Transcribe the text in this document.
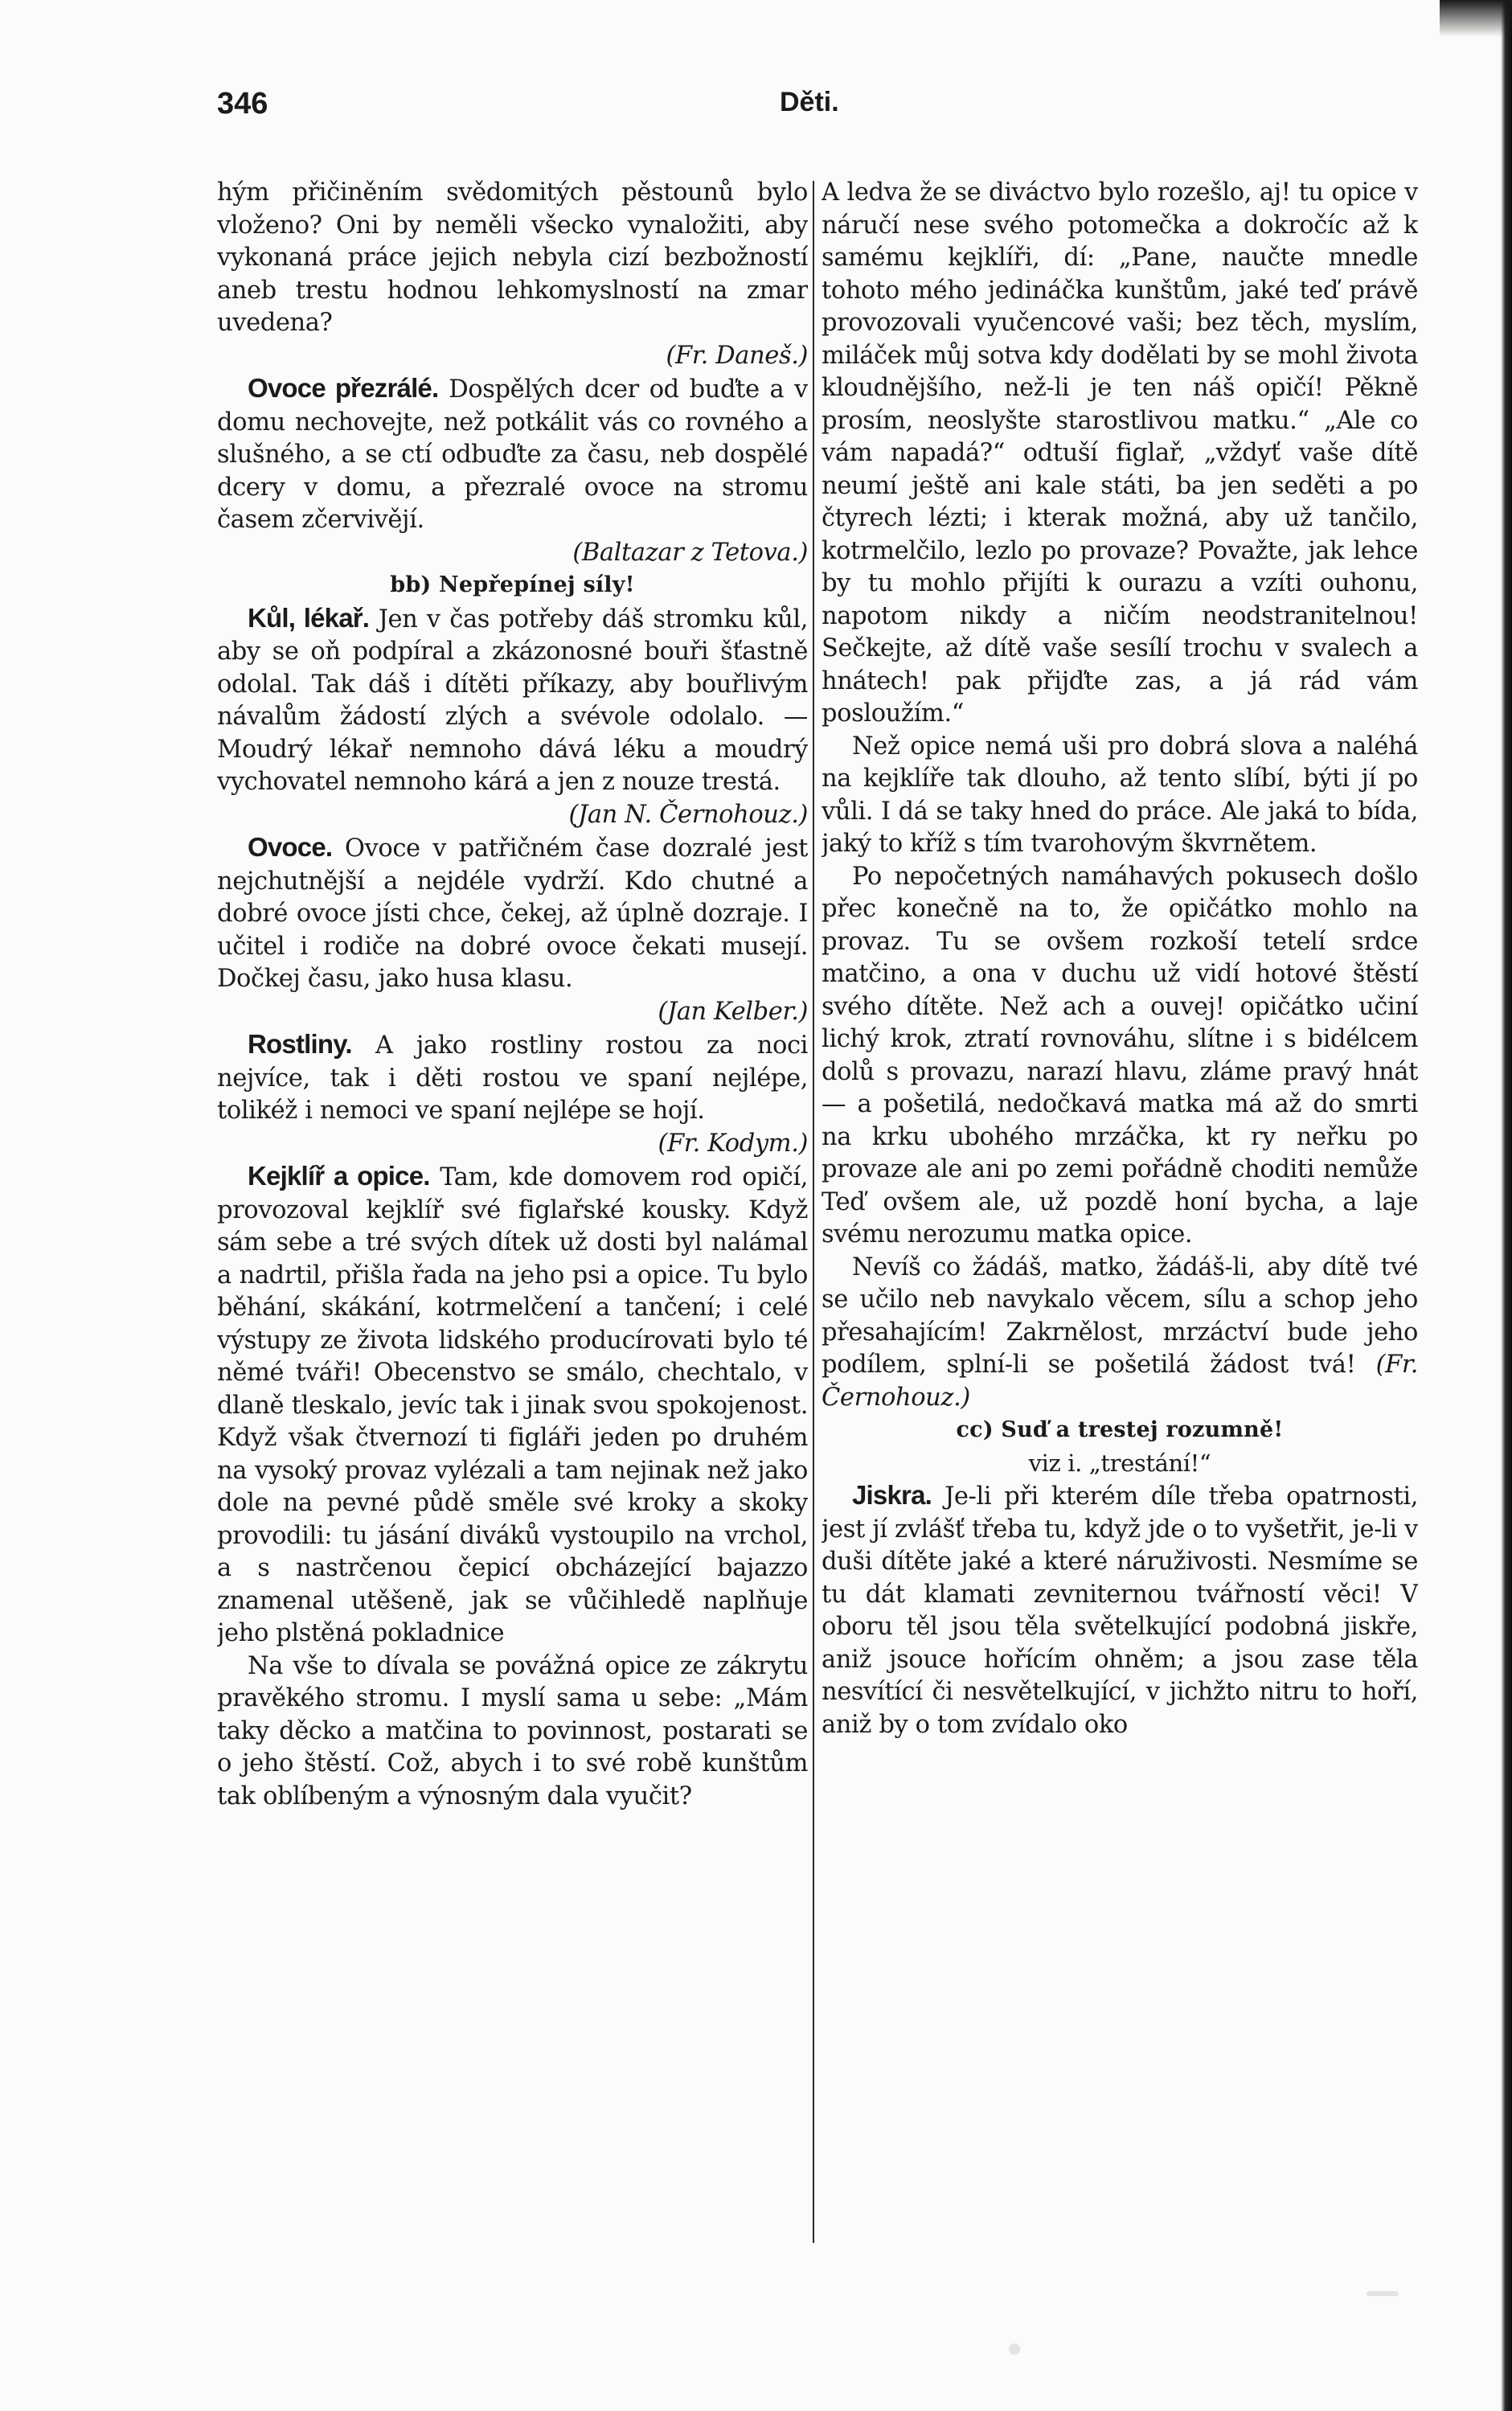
346	Děti.

hým přičiněním svědomitých pěstounů bylo vloženo? Oni by neměli všecko vynaložiti, aby vykonaná práce jejich nebyla cizí bezbožností aneb trestu hodnou lehkomyslností na zmar uvedena?

(Fr. Daneš.)

Ovoce přezrálé. Dospělých dcer od buďte a v domu nechovejte, než potkálit vás co rovného a slušného, a se ctí odbuďte za času, neb dospělé dcery v domu, a přezralé ovoce na stromu časem zčervivějí.

(Baltazar z Tetova.)

bb) Nepřepínej síly!

Kůl, lékař. Jen v čas potřeby dáš stromku kůl, aby se oň podpíral a zkázonosné bouři šťastně odolal. Tak dáš i dítěti příkazy, aby bouřlivým návalům žádostí zlých a svévole odolalo. — Moudrý lékař nemnoho dává léku a moudrý vychovatel nemnoho kárá a jen z nouze trestá.

(Jan N. Černohouz.)

Ovoce. Ovoce v patřičném čase dozralé jest nejchutnější a nejdéle vydrží. Kdo chutné a dobré ovoce jísti chce, čekej, až úplně dozraje. I učitel i rodiče na dobré ovoce čekati musejí. Dočkej času, jako husa klasu.

(Jan Kelber.)

Rostliny. A jako rostliny rostou za noci nejvíce, tak i děti rostou ve spaní nejlépe, tolikéž i nemoci ve spaní nejlépe se hojí.

(Fr. Kodym.)

Kejklíř a opice. Tam, kde domovem rod opičí, provozoval kejklíř své figlařské kousky. Když sám sebe a tré svých dítek už dosti byl nalámal a nadrtil, přišla řada na jeho psi a opice. Tu bylo běhání, skákání, kotrmelčení a tančení; i celé výstupy ze života lidského producírovati bylo té němé tváři! Obecenstvo se smálo, chechtalo, v dlaně tleskalo, jevíc tak i jinak svou spokojenost. Když však čtvernozí ti figláři jeden po druhém na vysoký provaz vylézali a tam nejinak než jako dole na pevné půdě směle své kroky a skoky provodili: tu jásání diváků vystoupilo na vrchol, a s nastrčenou čepicí obcházející bajazzo znamenal utěšeně, jak se vůčihledě naplňuje jeho plstěná pokladnice

Na vše to dívala se povážná opice ze zákrytu pravěkého stromu. I myslí sama u sebe: „Mám taky děcko a matčina to povinnost, postarati se o jeho štěstí. Což, abych i to své robě kunštům tak oblíbeným a výnosným dala vyučit?

A ledva že se diváctvo bylo rozešlo, aj! tu opice v náručí nese svého potomečka a dokročíc až k samému kejklíři, dí: „Pane, naučte mnedle tohoto mého jedináčka kunštům, jaké teď právě provozovali vyučencové vaši; bez těch, myslím, miláček můj sotva kdy dodělati by se mohl života kloudnějšího, než-li je ten náš opičí! Pěkně prosím, neoslyšte starostlivou matku.“ „Ale co vám napadá?“ odtuší figlař, „vždyť vaše dítě neumí ještě ani kale státi, ba jen seděti a po čtyrech lézti; i kterak možná, aby už tančilo, kotrmelčilo, lezlo po provaze? Považte, jak lehce by tu mohlo přijíti k ourazu a vzíti ouhonu, napotom nikdy a ničím neodstranitelnou! Sečkejte, až dítě vaše sesílí trochu v svalech a hnátech! pak přijďte zas, a já rád vám posloužím.“

Než opice nemá uši pro dobrá slova a naléhá na kejklíře tak dlouho, až tento slíbí, býti jí po vůli. I dá se taky hned do práce. Ale jaká to bída, jaký to kříž s tím tvarohovým škvrnětem.

Po nepočetných namáhavých pokusech došlo přec konečně na to, že opičátko mohlo na provaz. Tu se ovšem rozkoší tetelí srdce matčino, a ona v duchu už vidí hotové štěstí svého dítěte. Než ach a ouvej! opičátko učiní lichý krok, ztratí rovnováhu, slítne i s bidélcem dolů s provazu, narazí hlavu, zláme pravý hnát — a pošetilá, nedočkavá matka má až do smrti na krku ubohého mrzáčka, kt ry neřku po provaze ale ani po zemi pořádně choditi nemůže Teď ovšem ale, už pozdě honí bycha, a laje svému nerozumu matka opice.

Nevíš co žádáš, matko, žádáš-li, aby dítě tvé se učilo neb navykalo věcem, sílu a schop jeho přesahajícím! Zakrnělost, mrzáctví bude jeho podílem, splní-li se pošetilá žádost tvá! (Fr. Černohouz.)

cc) Suď a trestej rozumně!

viz i. „trestání!“

Jiskra. Je-li při kterém díle třeba opatrnosti, jest jí zvlášť třeba tu, když jde o to vyšetřit, je-li v duši dítěte jaké a které náruživosti. Nesmíme se tu dát klamati zevniternou tvářností věci! V oboru těl jsou těla světelkující podobná jiskře, aniž jsouce hořícím ohněm; a jsou zase těla nesvítící či nesvětelkující, v jichžto nitru to hoří, aniž by o tom zvídalo oko
